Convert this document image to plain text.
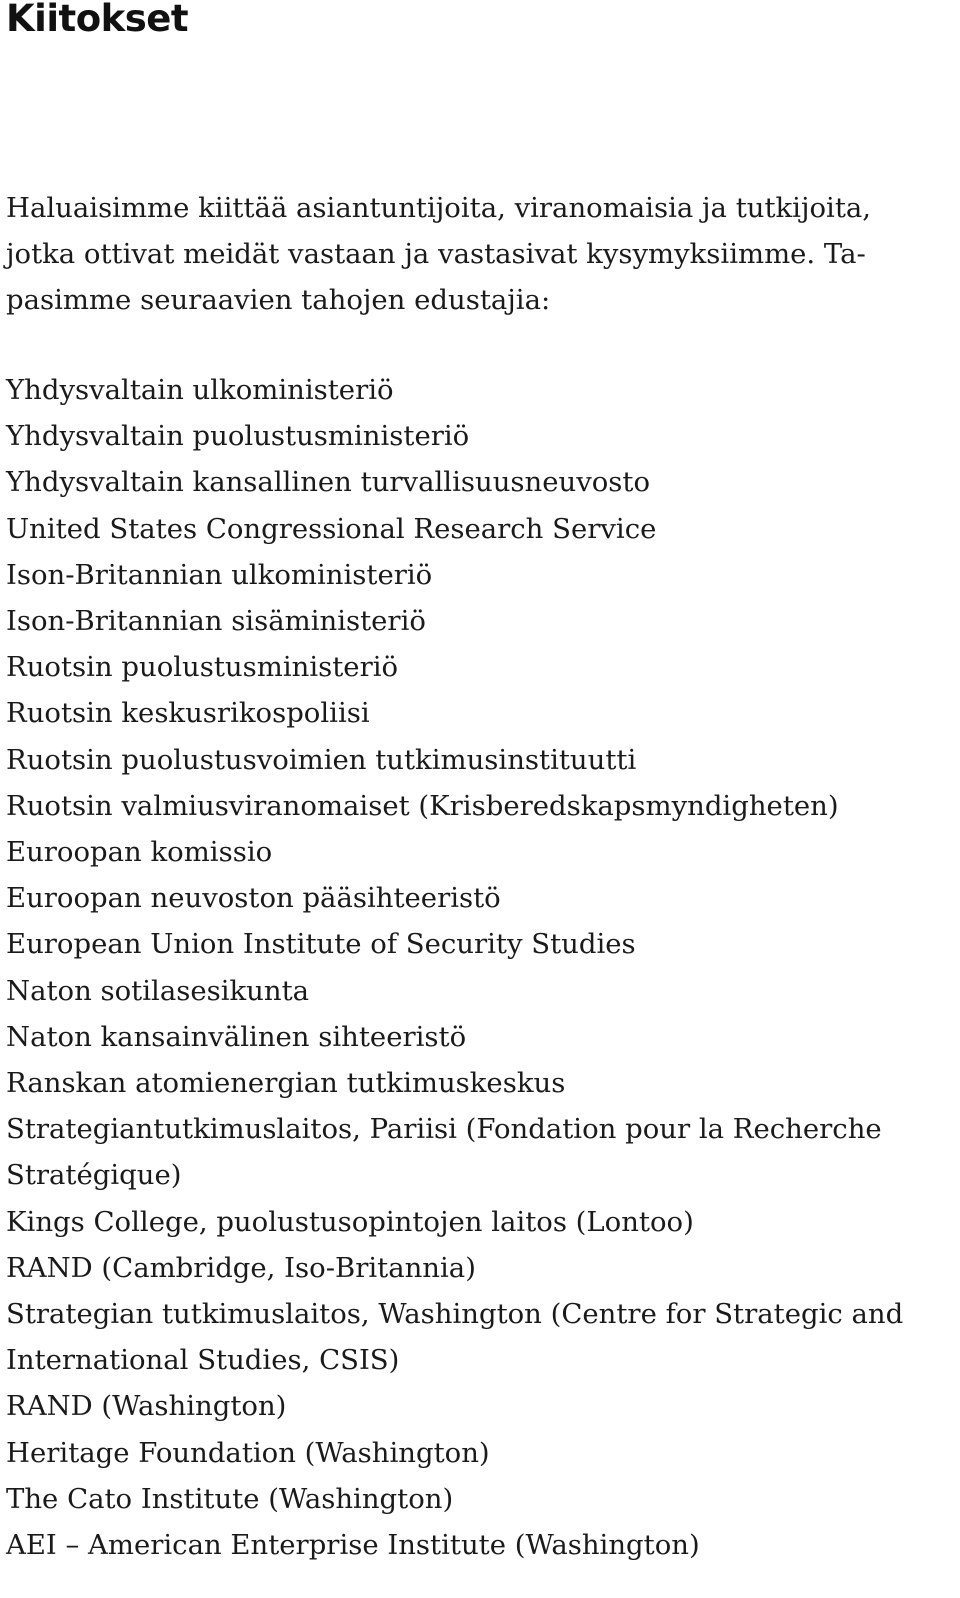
Kiitokset

Haluaisimme kiittää asiantuntijoita, viranomaisia ja tutkijoita,
jotka ottivat meidät vastaan ja vastasivat kysymyksiimme. Ta-
pasimme seuraavien tahojen edustajia:

Yhdysvaltain ulkoministeriö
Yhdysvaltain puolustusministeriö
Yhdysvaltain kansallinen turvallisuusneuvosto
United States Congressional Research Service
Ison-Britannian ulkoministeriö
Ison-Britannian sisäministeriö
Ruotsin puolustusministeriö
Ruotsin keskusrikospoliisi
Ruotsin puolustusvoimien tutkimusinstituutti
Ruotsin valmiusviranomaiset (Krisberedskapsmyndigheten)
Euroopan komissio
Euroopan neuvoston pääsihteeristö
European Union Institute of Security Studies
Naton sotilasesikunta
Naton kansainvälinen sihteeristö
Ranskan atomienergian tutkimuskeskus
Strategiantutkimuslaitos, Pariisi (Fondation pour la Recherche
Stratégique)
Kings College, puolustusopintojen laitos (Lontoo)
RAND (Cambridge, Iso-Britannia)
Strategian tutkimuslaitos, Washington (Centre for Strategic and
International Studies, CSIS)
RAND (Washington)
Heritage Foundation (Washington)
The Cato Institute (Washington)
AEI – American Enterprise Institute (Washington)
